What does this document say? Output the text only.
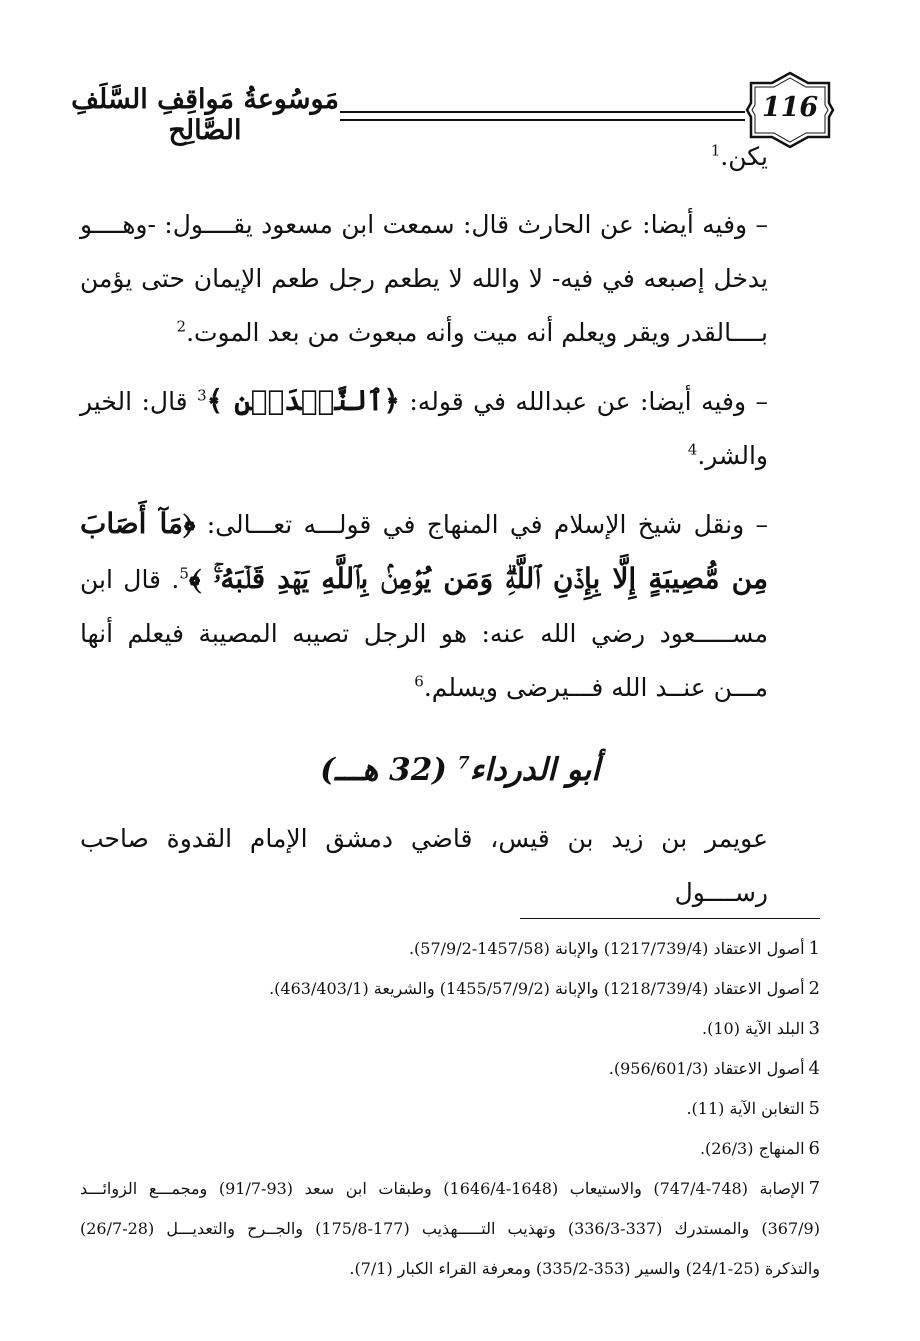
مَوسُوعةُ مَواقِفِ السَّلَفِ الصَّالِح
116

يكن.$^1$

– وفيه أيضا: عن الحارث قال: سمعت ابن مسعود يقــــول: -وهــــو يدخل إصبعه في فيه- لا والله لا يطعم رجل طعم الإيمان حتى يؤمن بــــالقدر ويقر ويعلم أنه ميت وأنه مبعوث من بعد الموت.$^2$

– وفيه أيضا: عن عبدالله في قوله: ﴿ٱلنَّجۡدَيۡنِ ﴾$^3$ قال: الخير والشر.$^4$

– ونقل شيخ الإسلام في المنهاج في قولـــه تعـــالى: ﴿مَآ أَصَابَ مِن مُّصِيبَةٍ إِلَّا بِإِذۡنِ ٱللَّهِۗ وَمَن يُؤۡمِنۢ بِٱللَّهِ يَهۡدِ قَلۡبَهُۥۚ ﴾$^5$. قال ابن مســـــعود رضي الله عنه: هو الرجل تصيبه المصيبة فيعلم أنها مـــن عنــد الله فـــيرضى ويسلم.$^6$

أبو الدرداء$^7$ (32 هـــ)
عويمر بن زيد بن قيس، قاضي دمشق الإمام القدوة صاحب رســــول

1أصول الاعتقاد (1217/739/4) والإبانة (1457/58-57/9/2).

2أصول الاعتقاد (1218/739/4) والإبانة (1455/57/9/2) والشريعة (463/403/1).

3البلد الآية (10).

4أصول الاعتقاد (956/601/3).

5التغابن الآية (11).

6المنهاج (26/3).

7الإصابة (748-747/4) والاستيعاب (1648-1646/4) وطبقات ابن سعد (93-91/7) ومجمـــع الزوائـــد (367/9) والمستدرك (337-336/3) وتهذيب التـــــهذيب (177-175/8) والجــرح والتعديـــل (28-26/7) والتذكرة (25-24/1) والسير (353-335/2) ومعرفة القراء الكبار (7/1).
